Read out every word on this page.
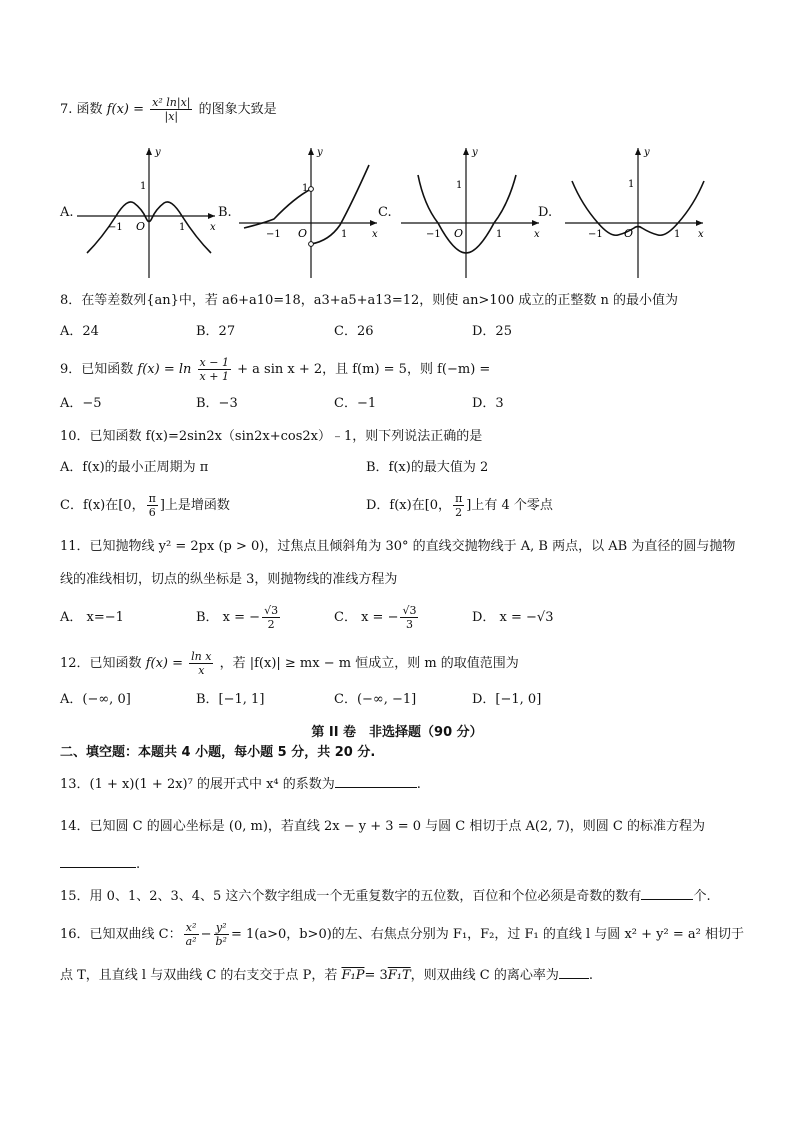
7. 函数 $f(x) = \frac{\text{x² ln|x|}}{|x|}$ 的图象大致是
A.	B.	C.	D.
y
x
O
−1	1
1
y
x
O
−1	1
1
y
x
O
−1	1
1
y
x
O
−1	1
1
8．在等差数列{an}中，若 a6+a10=18，a3+a5+a13=12，则使 an>100 成立的正整数 n 的最小值为
A．24	B．27	C．26	D．25
9．已知函数 $f(x) = \ln \frac{x - 1}{x + 1} + a$ sin x + 2，且 f(m) = 5，则 f(−m) =
A．−5	B．−3	C．−1	D．3
10．已知函数 f(x)=2sin2x（sin2x+cos2x）﹣1，则下列说法正确的是
A．f(x)的最小正周期为 π	B．f(x)的最大值为 2
C．f(x)在[0， $\frac{\pi}{6}$ ]上是增函数	D．f(x)在[0， $\frac{\pi}{2}$ ]上有 4 个零点
11．已知抛物线 y² = 2px (p > 0)，过焦点且倾斜角为 30° 的直线交抛物线于 A, B 两点，以 AB 为直径的圆与抛物
线的准线相切，切点的纵坐标是 3，则抛物线的准线方程为
A． x=−1	B． x = − $\frac{√3}{2}$	C． x = − $\frac{√3}{3}$	D． x = −√3
12．已知函数 $f(x) = \frac{\text{ln x}}{x}$ ，若 |f(x)| ≥ mx − m 恒成立，则 m 的取值范围为
A．(−∞, 0]	B．[−1, 1]	C．(−∞, −1]	D．[−1, 0]
第 II 卷　非选择题（90 分）
二、填空题：本题共 4 小题，每小题 5 分，共 20 分.
13．(1 + x)(1 + 2x)⁷ 的展开式中 x⁴ 的系数为	.
14．已知圆 C 的圆心坐标是 (0, m)，若直线 2x − y + 3 = 0 与圆 C 相切于点 A(2, 7)，则圆 C 的标准方程为
.
15．用 0、1、2、3、4、5 这六个数字组成一个无重复数字的五位数，百位和个位必须是奇数的数有	个.
16．已知双曲线 C： $\frac{\text{x²}}{\text{a²}} - \frac{\text{y²}}{\text{b²}} = 1(a>0$，b>0)的左、右焦点分别为 F₁，F₂，过 F₁ 的直线 l 与圆 x² + y² = a² 相切于
点 T，且直线 l 与双曲线 C 的右支交于点 P，若 F₁P= 3F₁T，则双曲线 C 的离心率为 .
